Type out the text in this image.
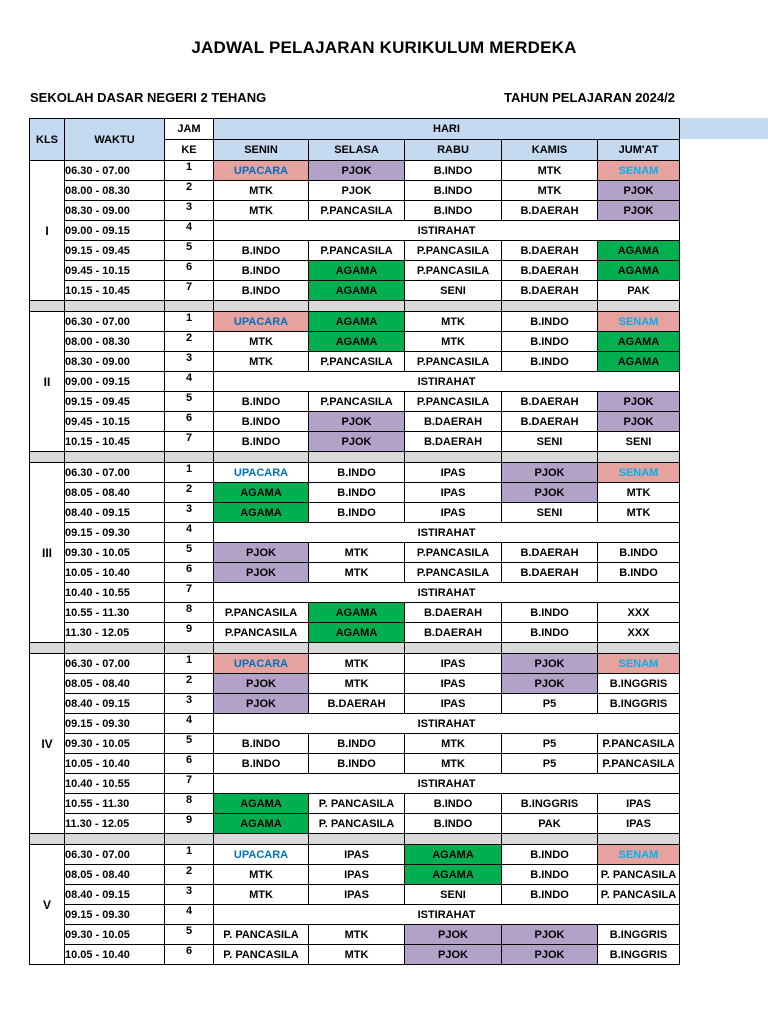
JADWAL PELAJARAN KURIKULUM MERDEKA
SEKOLAH DASAR NEGERI 2 TEHANG	TAHUN PELAJARAN 2024/2
KLS	WAKTU	JAM	HARI				
		KE	SENIN	SELASA	RABU	KAMIS	JUM'AT
I	06.30 - 07.00	1	UPACARA	PJOK	B.INDO	MTK	SENAM
	08.00 - 08.30	2	MTK	PJOK	B.INDO	MTK	PJOK
	08.30 - 09.00	3	MTK	P.PANCASILA	B.INDO	B.DAERAH	PJOK
	09.00 - 09.15	4	ISTIRAHAT				
	09.15 - 09.45	5	B.INDO	P.PANCASILA	P.PANCASILA	B.DAERAH	AGAMA
	09.45 - 10.15	6	B.INDO	AGAMA	P.PANCASILA	B.DAERAH	AGAMA
	10.15 - 10.45	7	B.INDO	AGAMA	SENI	B.DAERAH	PAK

II	06.30 - 07.00	1	UPACARA	AGAMA	MTK	B.INDO	SENAM
	08.00 - 08.30	2	MTK	AGAMA	MTK	B.INDO	AGAMA
	08.30 - 09.00	3	MTK	P.PANCASILA	P.PANCASILA	B.INDO	AGAMA
	09.00 - 09.15	4	ISTIRAHAT				
	09.15 - 09.45	5	B.INDO	P.PANCASILA	P.PANCASILA	B.DAERAH	PJOK
	09.45 - 10.15	6	B.INDO	PJOK	B.DAERAH	B.DAERAH	PJOK
	10.15 - 10.45	7	B.INDO	PJOK	B.DAERAH	SENI	SENI

III	06.30 - 07.00	1	UPACARA	B.INDO	IPAS	PJOK	SENAM
	08.05 - 08.40	2	AGAMA	B.INDO	IPAS	PJOK	MTK
	08.40 - 09.15	3	AGAMA	B.INDO	IPAS	SENI	MTK
	09.15 - 09.30	4	ISTIRAHAT				
	09.30 - 10.05	5	PJOK	MTK	P.PANCASILA	B.DAERAH	B.INDO
	10.05 - 10.40	6	PJOK	MTK	P.PANCASILA	B.DAERAH	B.INDO
	10.40 - 10.55	7	ISTIRAHAT				
	10.55 - 11.30	8	P.PANCASILA	AGAMA	B.DAERAH	B.INDO	XXX
	11.30 - 12.05	9	P.PANCASILA	AGAMA	B.DAERAH	B.INDO	XXX

IV	06.30 - 07.00	1	UPACARA	MTK	IPAS	PJOK	SENAM
	08.05 - 08.40	2	PJOK	MTK	IPAS	PJOK	B.INGGRIS
	08.40 - 09.15	3	PJOK	B.DAERAH	IPAS	P5	B.INGGRIS
	09.15 - 09.30	4	ISTIRAHAT				
	09.30 - 10.05	5	B.INDO	B.INDO	MTK	P5	P.PANCASILA
	10.05 - 10.40	6	B.INDO	B.INDO	MTK	P5	P.PANCASILA
	10.40 - 10.55	7	ISTIRAHAT				
	10.55 - 11.30	8	AGAMA	P. PANCASILA	B.INDO	B.INGGRIS	IPAS
	11.30 - 12.05	9	AGAMA	P. PANCASILA	B.INDO	PAK	IPAS

V	06.30 - 07.00	1	UPACARA	IPAS	AGAMA	B.INDO	SENAM
	08.05 - 08.40	2	MTK	IPAS	AGAMA	B.INDO	P. PANCASILA
	08.40 - 09.15	3	MTK	IPAS	SENI	B.INDO	P. PANCASILA
	09.15 - 09.30	4	ISTIRAHAT				
	09.30 - 10.05	5	P. PANCASILA	MTK	PJOK	PJOK	B.INGGRIS
	10.05 - 10.40	6	P. PANCASILA	MTK	PJOK	PJOK	B.INGGRIS
